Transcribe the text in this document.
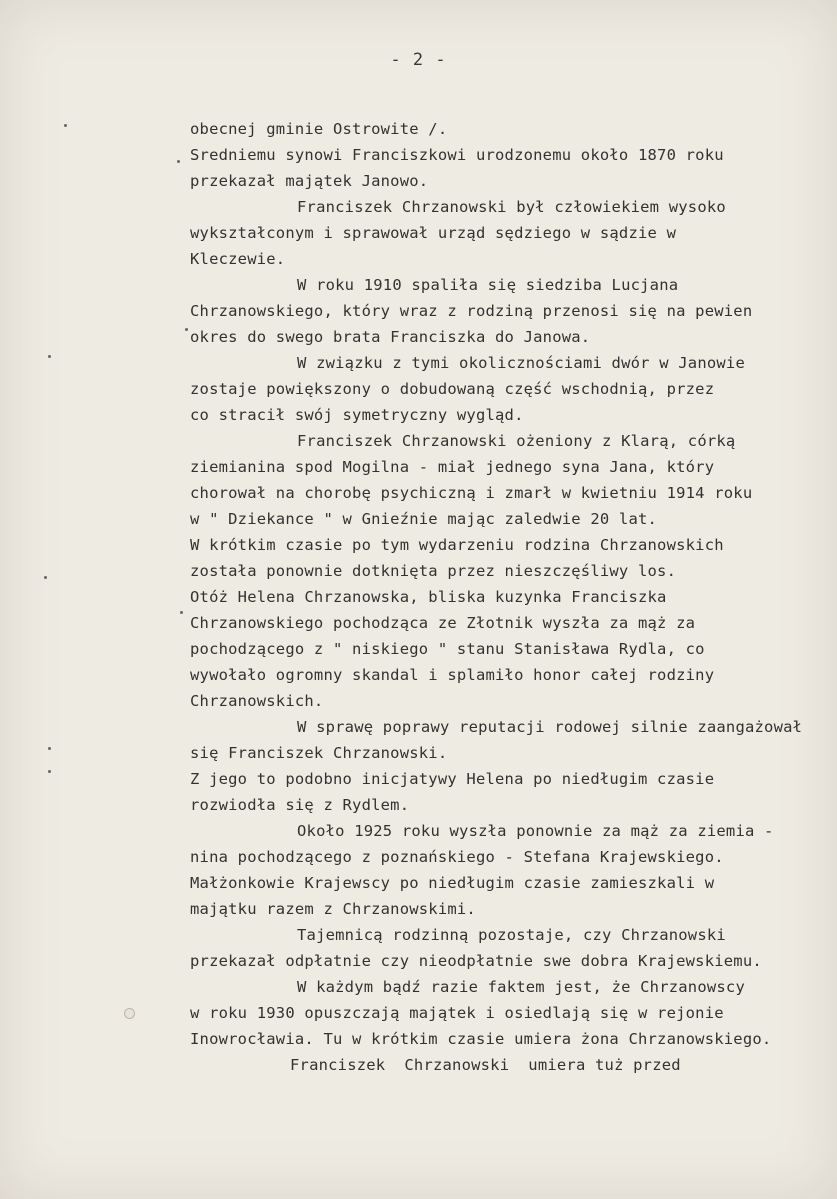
- 2 -
obecnej gminie Ostrowite /.
Sredniemu synowi Franciszkowi urodzonemu około 1870 roku
przekazał majątek Janowo.
Franciszek Chrzanowski był człowiekiem wysoko
wykształconym i sprawował urząd sędziego w sądzie w
Kleczewie.
W roku 1910 spaliła się siedziba Lucjana
Chrzanowskiego, który wraz z rodziną przenosi się na pewien
okres do swego brata Franciszka do Janowa.
W związku z tymi okolicznościami dwór w Janowie
zostaje powiększony o dobudowaną część wschodnią, przez
co stracił swój symetryczny wygląd.
Franciszek Chrzanowski ożeniony z Klarą, córką
ziemianina spod Mogilna - miał jednego syna Jana, który
chorował na chorobę psychiczną i zmarł w kwietniu 1914 roku
w " Dziekance " w Gnieźnie mając zaledwie 20 lat.
W krótkim czasie po tym wydarzeniu rodzina Chrzanowskich
została ponownie dotknięta przez nieszczęśliwy los.
Otóż Helena Chrzanowska, bliska kuzynka Franciszka
Chrzanowskiego pochodząca ze Złotnik wyszła za mąż za
pochodzącego z " niskiego " stanu Stanisława Rydla, co
wywołało ogromny skandal i splamiło honor całej rodziny
Chrzanowskich.
W sprawę poprawy reputacji rodowej silnie zaangażował
się Franciszek Chrzanowski.
Z jego to podobno inicjatywy Helena po niedługim czasie
rozwiodła się z Rydlem.
Około 1925 roku wyszła ponownie za mąż za ziemia -
nina pochodzącego z poznańskiego - Stefana Krajewskiego.
Małżonkowie Krajewscy po niedługim czasie zamieszkali w
majątku razem z Chrzanowskimi.
Tajemnicą rodzinną pozostaje, czy Chrzanowski
przekazał odpłatnie czy nieodpłatnie swe dobra Krajewskiemu.
W każdym bądź razie faktem jest, że Chrzanowscy
w roku 1930 opuszczają majątek i osiedlają się w rejonie
Inowrocławia. Tu w krótkim czasie umiera żona Chrzanowskiego.
Franciszek  Chrzanowski  umiera tuż przed
